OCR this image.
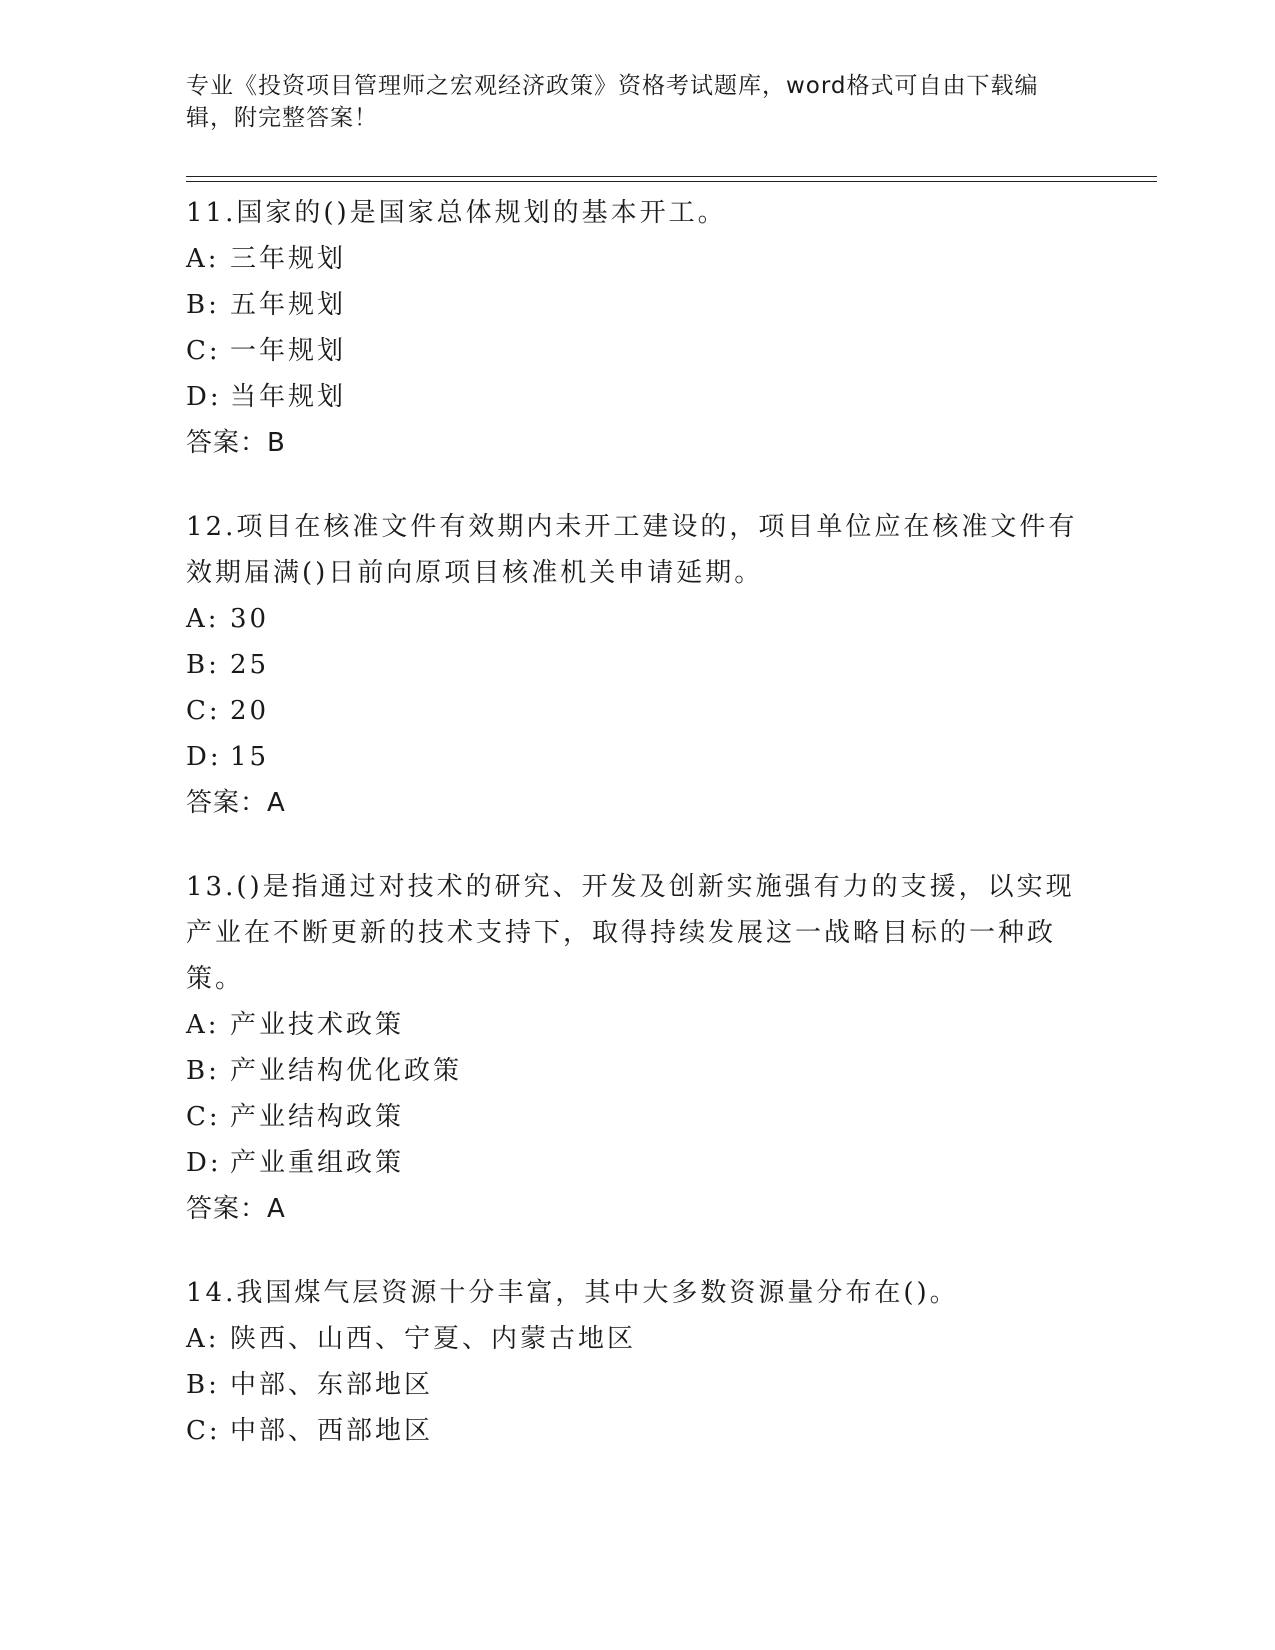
专业《投资项目管理师之宏观经济政策》资格考试题库，word格式可自由下载编辑，附完整答案！

11.国家的()是国家总体规划的基本开工。

A: 三年规划

B: 五年规划

C: 一年规划

D: 当年规划

答案：B

12.项目在核准文件有效期内未开工建设的，项目单位应在核准文件有效期届满()日前向原项目核准机关申请延期。

A: 30

B: 25

C: 20

D: 15

答案：A

13.()是指通过对技术的研究、开发及创新实施强有力的支援，以实现产业在不断更新的技术支持下，取得持续发展这一战略目标的一种政策。

A: 产业技术政策

B: 产业结构优化政策

C: 产业结构政策

D: 产业重组政策

答案：A

14.我国煤气层资源十分丰富，其中大多数资源量分布在()。

A: 陕西、山西、宁夏、内蒙古地区

B: 中部、东部地区

C: 中部、西部地区
